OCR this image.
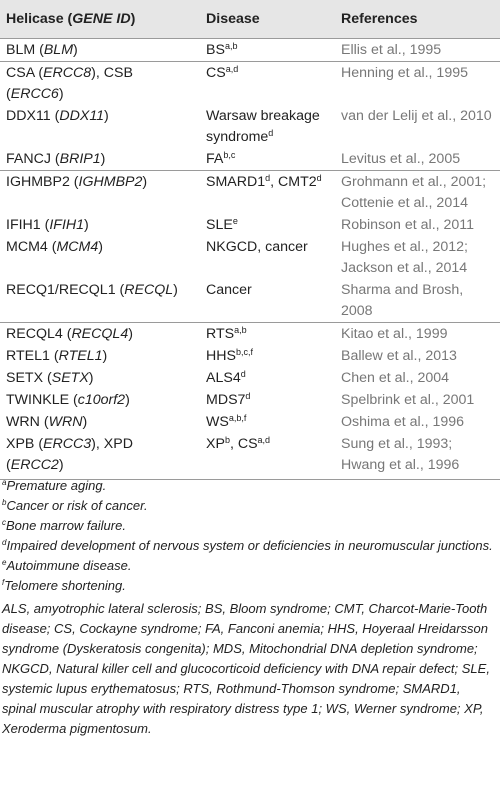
Helicase (GENE ID)	Disease	References
BLM (BLM)	BS$^{a,b}$	Ellis et al., 1995
CSA (ERCC8), CSB (ERCC6)	CS$^{a,d}$	Henning et al., 1995
DDX11 (DDX11)	Warsaw breakage syndrome$^d$	van der Lelij et al., 2010
FANCJ (BRIP1)	FA$^{b,c}$	Levitus et al., 2005
IGHMBP2 (IGHMBP2)	SMARD1$^d$, CMT2$^d$	Grohmann et al., 2001; Cottenie et al., 2014
IFIH1 (IFIH1)	SLE$^e$	Robinson et al., 2011
MCM4 (MCM4)	NKGCD, cancer	Hughes et al., 2012; Jackson et al., 2014
RECQ1/RECQL1 (RECQL)	Cancer	Sharma and Brosh, 2008
RECQL4 (RECQL4)	RTS$^{a,b}$	Kitao et al., 1999
RTEL1 (RTEL1)	HHS$^{b,c,f}$	Ballew et al., 2013
SETX (SETX)	ALS4$^d$	Chen et al., 2004
TWINKLE (c10orf2)	MDS7$^d$	Spelbrink et al., 2001
WRN (WRN)	WS$^{a,b,f}$	Oshima et al., 1996
XPB (ERCC3), XPD (ERCC2)	$XP^b$, CS$^{a,d}$	Sung et al., 1993; Hwang et al., 1996

$^a$Premature aging.

$^b$Cancer or risk of cancer.

$^c$Bone marrow failure.

$^d$Impaired development of nervous system or deficiencies in neuromuscular junctions.

$^e$Autoimmune disease.

$^f$Telomere shortening.

ALS, amyotrophic lateral sclerosis; BS, Bloom syndrome; CMT, Charcot-Marie-Tooth disease; CS, Cockayne syndrome; FA, Fanconi anemia; HHS, Hoyeraal Hreidarsson syndrome (Dyskeratosis congenita); MDS, Mitochondrial DNA depletion syndrome; NKGCD, Natural killer cell and glucocorticoid deficiency with DNA repair defect; SLE, systemic lupus erythematosus; RTS, Rothmund-Thomson syndrome; SMARD1, spinal muscular atrophy with respiratory distress type 1; WS, Werner syndrome; XP, Xeroderma pigmentosum.
